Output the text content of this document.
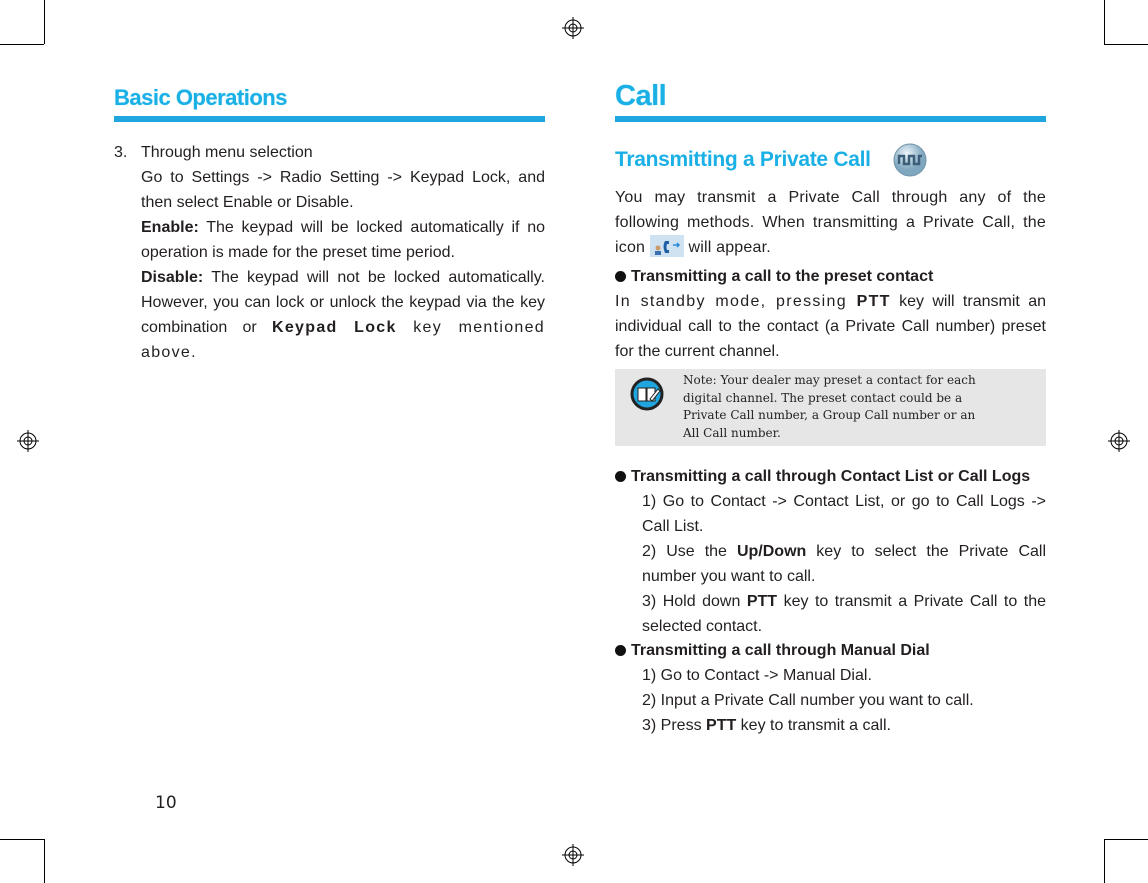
Basic Operations
3. Through menu selection
Go to Settings -> Radio Setting -> Keypad Lock, and then select Enable or Disable.
Enable: The keypad will be locked automatically if no operation is made for the preset time period.
Disable: The keypad will not be locked automatically. However, you can lock or unlock the keypad via the key combination or Keypad Lock key mentioned above.
10
Call
Transmitting a Private Call
You may transmit a Private Call through any of the following methods. When transmitting a Private Call, the icon  will appear.
Transmitting a call to the preset contact
In standby mode, pressing PTT key will transmit an individual call to the contact (a Private Call number) preset for the current channel.
Note: Your dealer may preset a contact for each
digital channel. The preset contact could be a
Private Call number, a Group Call number or an
All Call number.
Transmitting a call through Contact List or Call Logs
1) Go to Contact -> Contact List, or go to Call Logs -> Call List.
2) Use the Up/Down key to select the Private Call number you want to call.
3) Hold down PTT key to transmit a Private Call to the selected contact.
Transmitting a call through Manual Dial
1) Go to Contact -> Manual Dial.
2) Input a Private Call number you want to call.
3) Press PTT key to transmit a call.
